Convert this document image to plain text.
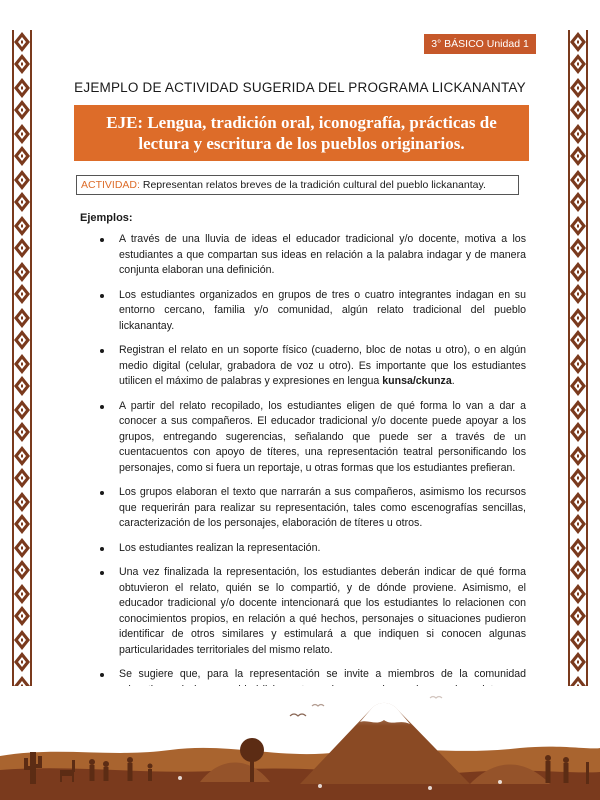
3° BÁSICO Unidad 1
EJEMPLO DE ACTIVIDAD SUGERIDA DEL PROGRAMA LICKANANTAY
EJE: Lengua, tradición oral, iconografía, prácticas de
lectura y escritura de los pueblos originarios.
ACTIVIDAD: Representan relatos breves de la tradición cultural del pueblo lickanantay.
Ejemplos:
A través de una lluvia de ideas el educador tradicional y/o docente, motiva a los estudiantes a que compartan sus ideas en relación a la palabra indagar y de manera conjunta elaboran una definición.
Los estudiantes organizados en grupos de tres o cuatro integrantes indagan en su entorno cercano, familia y/o comunidad, algún relato tradicional del pueblo lickanantay.
Registran el relato en un soporte físico (cuaderno, bloc de notas u otro), o en algún medio digital (celular, grabadora de voz u otro). Es importante que los estudiantes utilicen el máximo de palabras y expresiones en lengua kunsa/ckunza.
A partir del relato recopilado, los estudiantes eligen de qué forma lo van a dar a conocer a sus compañeros. El educador tradicional y/o docente puede apoyar a los grupos, entregando sugerencias, señalando que puede ser a través de un cuentacuentos con apoyo de títeres, una representación teatral personificando los personajes, como si fuera un reportaje, u otras formas que los estudiantes prefieran.
Los grupos elaboran el texto que narrarán a sus compañeros, asimismo los recursos que requerirán para realizar su representación, tales como escenografías sencillas, caracterización de los personajes, elaboración de títeres u otros.
Los estudiantes realizan la representación.
Una vez finalizada la representación, los estudiantes deberán indicar de qué forma obtuvieron el relato, quién se lo compartió, y de dónde proviene. Asimismo, el educador tradicional y/o docente intencionará que los estudiantes lo relacionen con conocimientos propios, en relación a qué hechos, personajes o situaciones pudieron identificar de otros similares y estimulará a que indiquen si conocen algunas particularidades territoriales del mismo relato.
Se sugiere que, para la representación se invite a miembros de la comunidad
